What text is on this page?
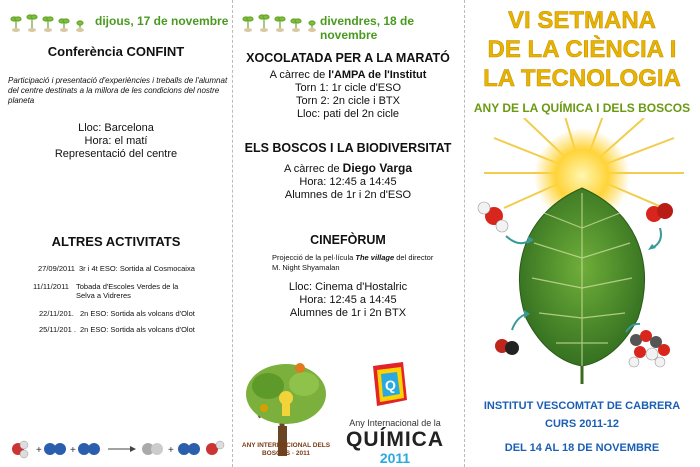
dijous, 17 de novembre
Conferència CONFINT
Participació i presentació d'experiències i treballs de l'alumnat del centre destinats a la millora de les condicions del nostre planeta
Lloc: Barcelona
Hora: el matí
Representació del centre
ALTRES ACTIVITATS
27/09/2011 3r i 4t ESO: Sortida al Cosmocaixa
11/11/2011 Tobada d'Escoles Verdes de la Selva a Vidreres
22/11/201. 2n ESO: Sortida als volcans d'Olot
25/11/201 . 2n ESO: Sortida als volcans d'Olot
+	+	+
divendres, 18 de novembre
XOCOLATADA PER A LA MARATÓ
A càrrec de l'AMPA de l'Institut
Torn 1: 1r cicle d'ESO
Torn 2: 2n cicle i BTX
Lloc: pati del 2n cicle
ELS BOSCOS I LA BIODIVERSITAT
A càrrec de Diego Varga
Hora: 12:45 a 14:45
Alumnes de 1r i 2n d'ESO
CINEFÒRUM
Projecció de la pel·lícula The village del director M. Night Shyamalan
Lloc: Cinema d'Hostalric
Hora: 12:45 a 14:45
Alumnes de 1r i 2n BTX
ANY INTERNACIONAL DELS BOSCOS · 2011
Q
Any Internacional de la
QUÍMICA
2011
VI SETMANA
DE LA CIÈNCIA I
LA TECNOLOGIA
ANY DE LA QUÍMICA I DELS BOSCOS
INSTITUT VESCOMTAT DE CABRERA
CURS 2011-12
DEL 14 AL 18 DE NOVEMBRE
